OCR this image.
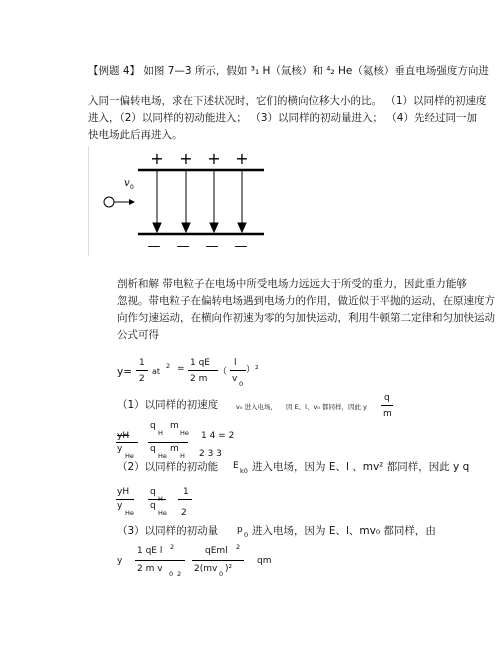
【例题 4】 如图 7—3 所示，假如 ³₁ H（氚核）和 ⁴₂ He（氦核）垂直电场强度方向进
入同一偏转电场，求在下述状况时，它们的横向位移大小的比。 （1）以同样的初速度
进入，（2）以同样的初动能进入； （3）以同样的初动量进入； （4）先经过同一加
快电场此后再进入。
+ + + +
— — — —
v 0
剖析和解 带电粒子在电场中所受电场力远远大于所受的重力，因此重力能够
忽视。带电粒子在偏转电场遇到电场力的作用，做近似于平抛的运动，在原速度方
向作匀速运动，在横向作初速为零的匀加快运动，利用牛顿第二定律和匀加快运动
公式可得
y=
1
2
at
2 =
1 qE
2 m
（
l
v 0
）²
（1）以同样的初速度	v₀ 进入电场， 因 E、l、v₀ 都同样，因此 y
q
m
yH
y
He
q
H
m
He
q
He
m
H
1 4 = 2
2 3 3
（2）以同样的初动能 E k0 进入电场，因为 E、l 、mv² 都同样，因此 y q
yH
y
He
q
H
q
He
1
2
（3）以同样的初动量 p 0 进入电场，因为 E、l、mv₀ 都同样，由
y
1 qE l 2
2 m v 0 2
qEml 2
2(mv 0 )²
qm
